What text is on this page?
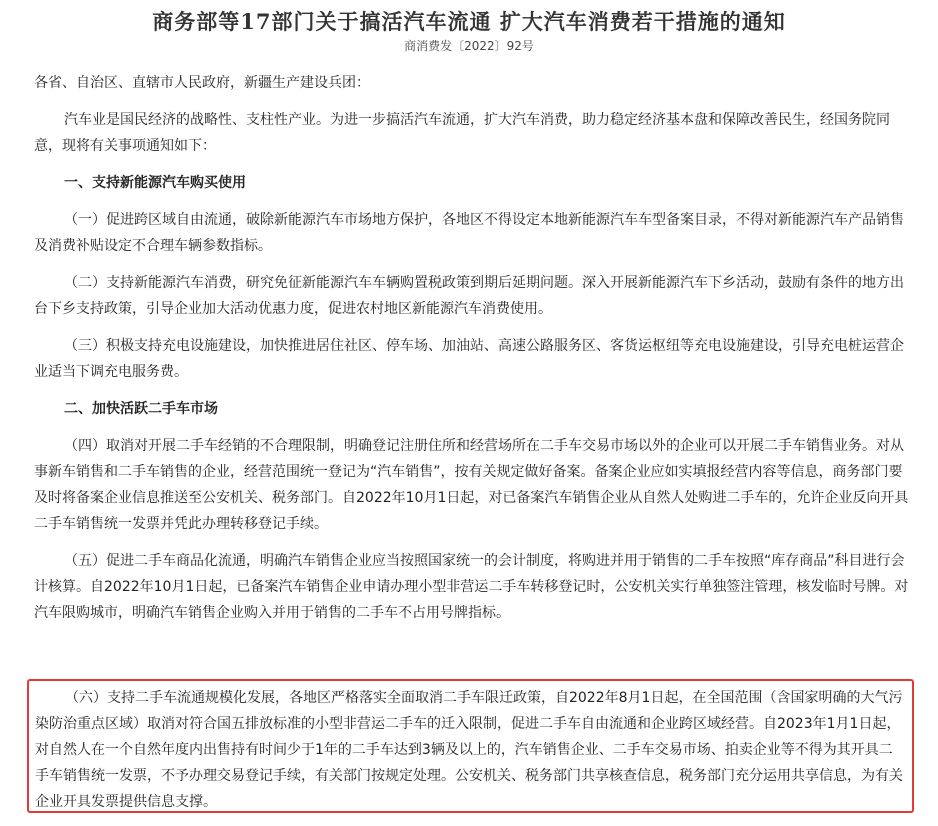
商务部等17部门关于搞活汽车流通 扩大汽车消费若干措施的通知
商消费发〔2022〕92号

各省、自治区、直辖市人民政府，新疆生产建设兵团：

汽车业是国民经济的战略性、支柱性产业。为进一步搞活汽车流通，扩大汽车消费，助力稳定经济基本盘和保障改善民生，经国务院同意，现将有关事项通知如下：

一、支持新能源汽车购买使用

（一）促进跨区域自由流通，破除新能源汽车市场地方保护，各地区不得设定本地新能源汽车车型备案目录，不得对新能源汽车产品销售及消费补贴设定不合理车辆参数指标。

（二）支持新能源汽车消费，研究免征新能源汽车车辆购置税政策到期后延期问题。深入开展新能源汽车下乡活动，鼓励有条件的地方出台下乡支持政策，引导企业加大活动优惠力度，促进农村地区新能源汽车消费使用。

（三）积极支持充电设施建设，加快推进居住社区、停车场、加油站、高速公路服务区、客货运枢纽等充电设施建设，引导充电桩运营企业适当下调充电服务费。

二、加快活跃二手车市场

（四）取消对开展二手车经销的不合理限制，明确登记注册住所和经营场所在二手车交易市场以外的企业可以开展二手车销售业务。对从事新车销售和二手车销售的企业，经营范围统一登记为“汽车销售”，按有关规定做好备案。备案企业应如实填报经营内容等信息，商务部门要及时将备案企业信息推送至公安机关、税务部门。自2022年10月1日起，对已备案汽车销售企业从自然人处购进二手车的，允许企业反向开具二手车销售统一发票并凭此办理转移登记手续。

（五）促进二手车商品化流通，明确汽车销售企业应当按照国家统一的会计制度，将购进并用于销售的二手车按照“库存商品”科目进行会计核算。自2022年10月1日起，已备案汽车销售企业申请办理小型非营运二手车转移登记时，公安机关实行单独签注管理，核发临时号牌。对汽车限购城市，明确汽车销售企业购入并用于销售的二手车不占用号牌指标。

（六）支持二手车流通规模化发展，各地区严格落实全面取消二手车限迁政策，自2022年8月1日起，在全国范围（含国家明确的大气污染防治重点区域）取消对符合国五排放标准的小型非营运二手车的迁入限制，促进二手车自由流通和企业跨区域经营。自2023年1月1日起，对自然人在一个自然年度内出售持有时间少于1年的二手车达到3辆及以上的，汽车销售企业、二手车交易市场、拍卖企业等不得为其开具二手车销售统一发票，不予办理交易登记手续，有关部门按规定处理。公安机关、税务部门共享核查信息，税务部门充分运用共享信息，为有关企业开具发票提供信息支撑。
